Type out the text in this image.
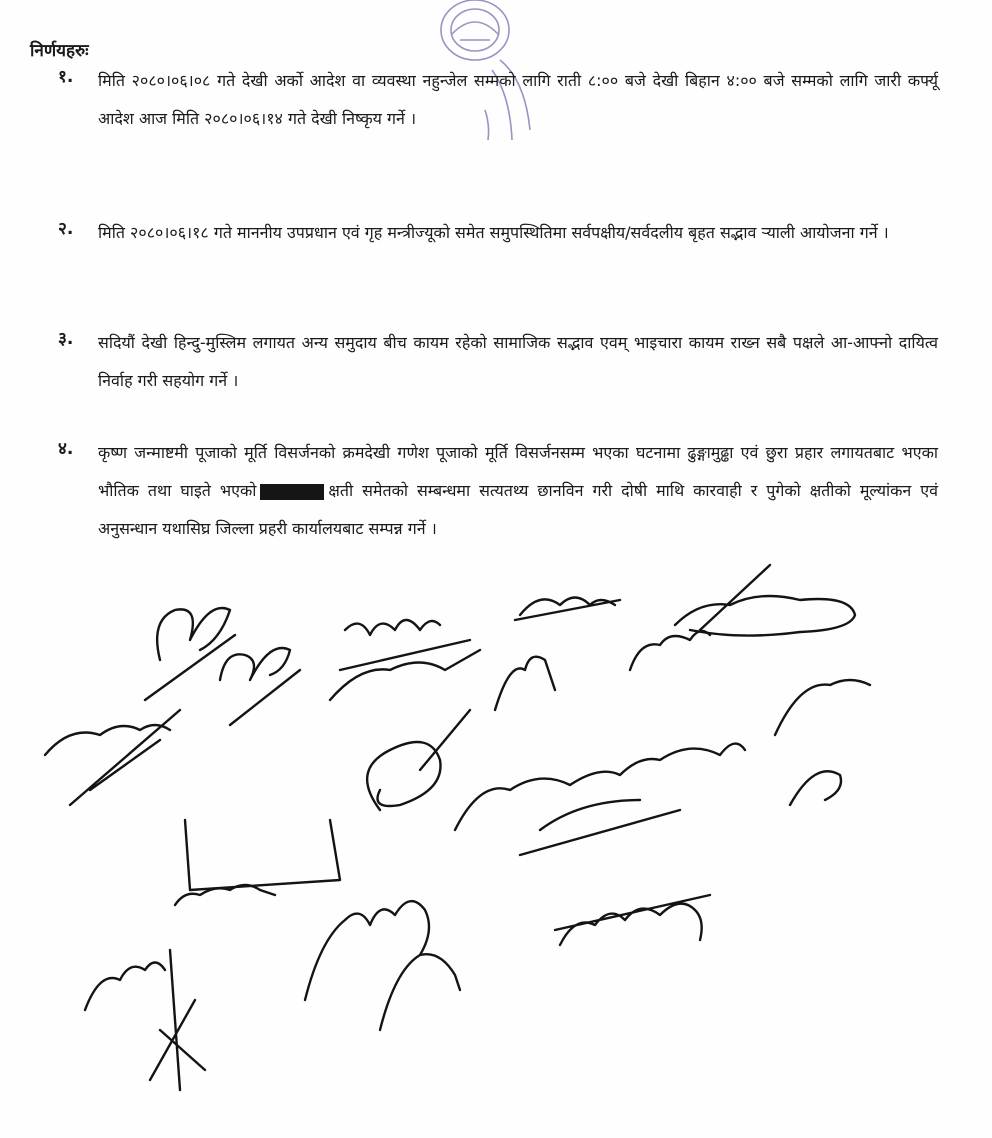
निर्णयहरुः
१.	मिति २०८०।०६।०८ गते देखी अर्को आदेश वा व्यवस्था नहुन्जेल सम्मको लागि राती ८:०० बजे देखी बिहान ४:०० बजे सम्मको लागि जारी कर्फ्यू आदेश आज मिति २०८०।०६।१४ गते देखी निष्कृय गर्ने ।
२.	मिति २०८०।०६।१८ गते माननीय उपप्रधान एवं गृह मन्त्रीज्यूको समेत समुपस्थितिमा सर्वपक्षीय/सर्वदलीय बृहत सद्भाव र्‍याली आयोजना गर्ने ।
३.	सदियौं देखी हिन्दु-मुस्लिम लगायत अन्य समुदाय बीच कायम रहेको सामाजिक सद्भाव एवम् भाइचारा कायम राख्न सबै पक्षले आ-आफ्नो दायित्व निर्वाह गरी सहयोग गर्ने ।
४.	कृष्ण जन्माष्टमी पूजाको मूर्ति विसर्जनको क्रमदेखी गणेश पूजाको मूर्ति विसर्जनसम्म भएका घटनामा ढुङ्गामुढ्ढा एवं छुरा प्रहार लगायतबाट भएका भौतिक तथा घाइते भएको	क्षती समेतको सम्बन्धमा सत्यतथ्य छानविन गरी दोषी माथि कारवाही र पुगेको क्षतीको मूल्यांकन एवं अनुसन्धान यथासिघ्र जिल्ला प्रहरी कार्यालयबाट सम्पन्न गर्ने ।
